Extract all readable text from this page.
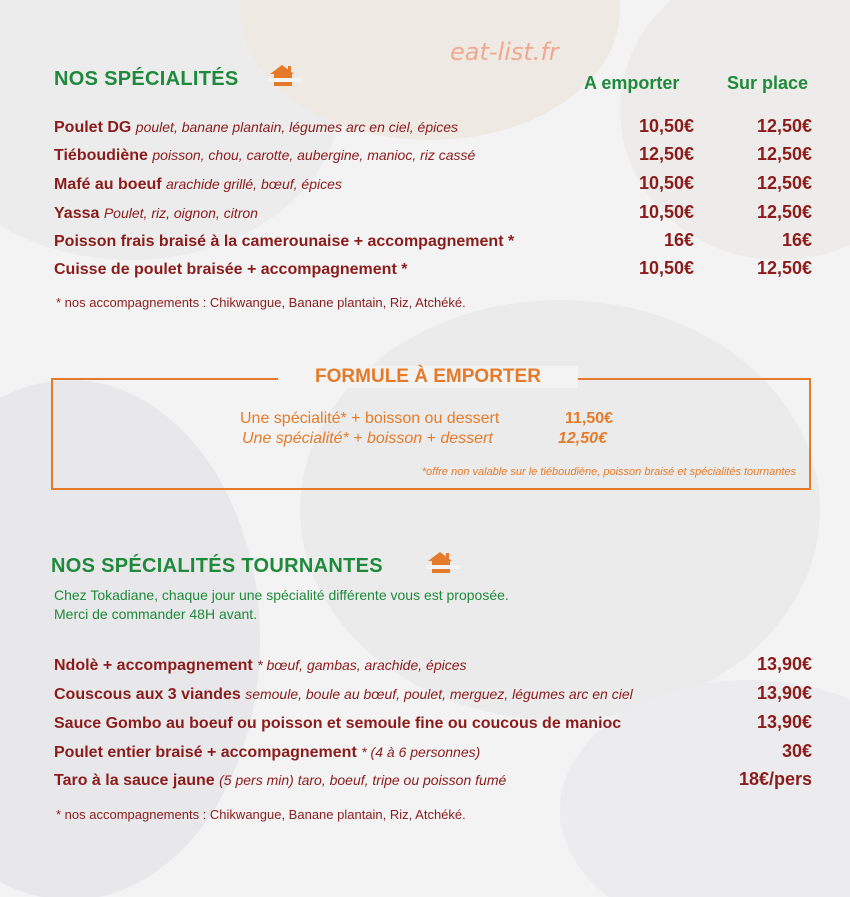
eat-list.fr
NOS SPÉCIALITÉS	A emporter	Sur place
Poulet DG poulet, banane plantain, légumes arc en ciel, épices	10,50€	12,50€
Tiéboudiène poisson, chou, carotte, aubergine, manioc, riz cassé	12,50€	12,50€
Mafé au boeuf arachide grillé, bœuf, épices	10,50€	12,50€
Yassa Poulet, riz, oignon, citron	10,50€	12,50€
Poisson frais braisé à la camerounaise + accompagnement *	16€	16€
Cuisse de poulet braisée + accompagnement *	10,50€	12,50€
* nos accompagnements : Chikwangue, Banane plantain, Riz, Atchéké.
FORMULE À EMPORTER
Une spécialité* + boisson ou dessert	11,50€
Une spécialité* + boisson + dessert	12,50€
*offre non valable sur le tiéboudiène, poisson braisé et spécialités tournantes
NOS SPÉCIALITÉS TOURNANTES
Chez Tokadiane, chaque jour une spécialité différente vous est proposée.
Merci de commander 48H avant.
Ndolè + accompagnement * bœuf, gambas, arachide, épices	13,90€
Couscous aux 3 viandes semoule, boule au bœuf, poulet, merguez, légumes arc en ciel	13,90€
Sauce Gombo au boeuf ou poisson et semoule fine ou coucous de manioc	13,90€
Poulet entier braisé + accompagnement * (4 à 6 personnes)	30€
Taro à la sauce jaune (5 pers min) taro, boeuf, tripe ou poisson fumé	18€/pers
* nos accompagnements : Chikwangue, Banane plantain, Riz, Atchéké.
